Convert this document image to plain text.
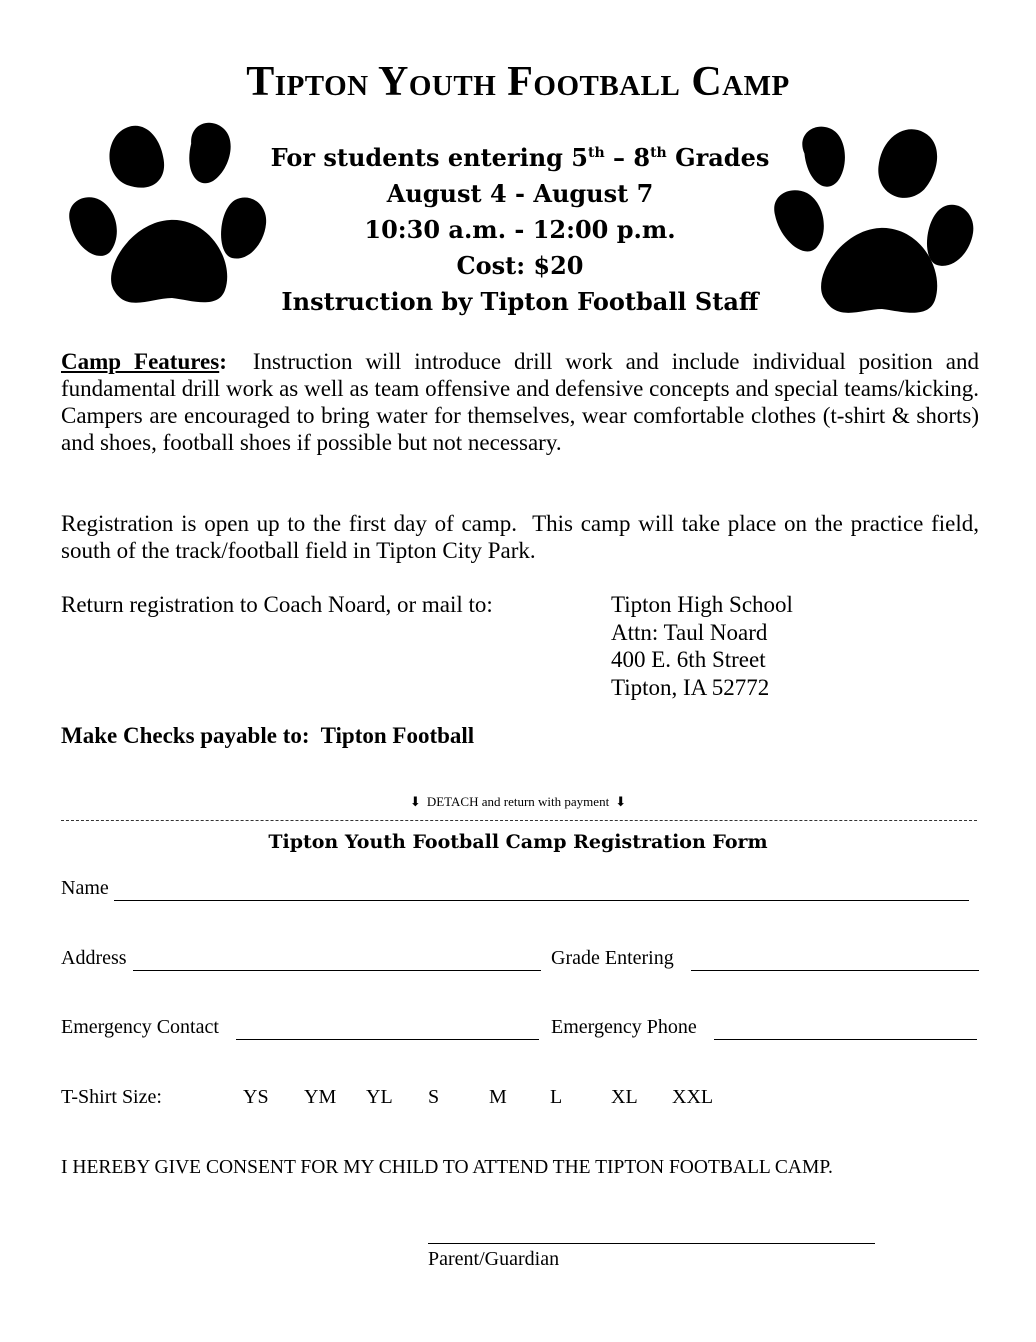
Tipton Youth Football Camp
For students entering 5th – 8th Grades
August 4 - August 7
10:30 a.m. - 12:00 p.m.
Cost: $20
Instruction by Tipton Football Staff
Camp Features:  Instruction will introduce drill work and include individual position and fundamental drill work as well as team offensive and defensive concepts and special teams/kicking.  Campers are encouraged to bring water for themselves, wear comfortable clothes (t-shirt & shorts) and shoes, football shoes if possible but not necessary.
Registration is open up to the first day of camp.  This camp will take place on the practice field, south of the track/football field in Tipton City Park.
Return registration to Coach Noard, or mail to:	Tipton High School
Attn: Taul Noard
400 E. 6th Street
Tipton, IA 52772
Make Checks payable to:  Tipton Football
⬇ DETACH and return with payment ⬇
Tipton Youth Football Camp Registration Form
Name
Address	Grade Entering
Emergency Contact	Emergency Phone
T-Shirt Size:	YS YM YL S M L XL XXL
I HEREBY GIVE CONSENT FOR MY CHILD TO ATTEND THE TIPTON FOOTBALL CAMP.
Parent/Guardian
